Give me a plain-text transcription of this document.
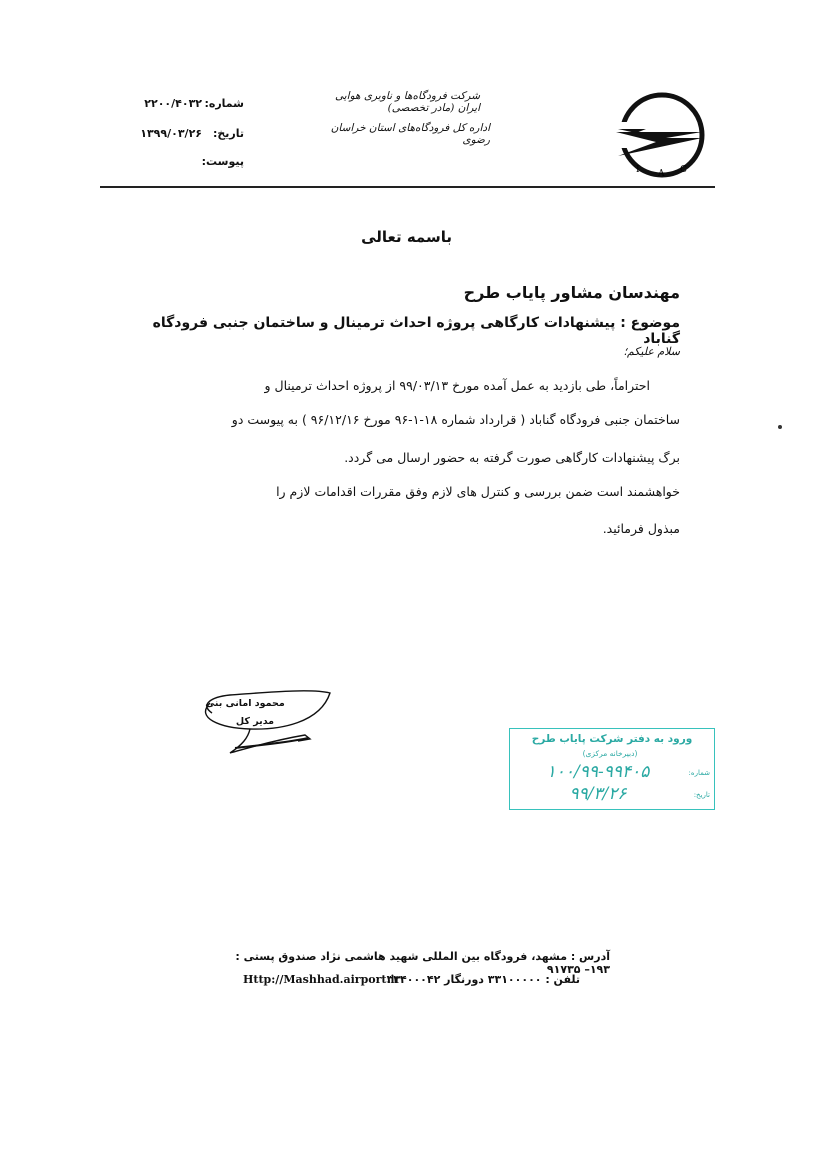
I A C
شرکت فرودگاه‌ها و ناوبری هوایی ایران (مادر تخصصی)
اداره کل فرودگاه‌های استان خراسان رضوی
شماره:
۲۲۰۰/۴۰۳۲
تاریخ:
۱۳۹۹/۰۳/۲۶
پیوست:
باسمه تعالی
مهندسان مشاور پایاب طرح
موضوع : پیشنهادات کارگاهی پروژه احداث ترمینال و ساختمان جنبی فرودگاه گناباد
سلام علیکم؛
احتراماً، طی بازدید به عمل آمده مورخ ۹۹/۰۳/۱۳ از پروژه احداث ترمینال و
ساختمان جنبی فرودگاه گناباد ( قرارداد شماره ۱۸-۱-۹۶ مورخ ۹۶/۱۲/۱۶ ) به پیوست دو
برگ پیشنهادات کارگاهی صورت گرفته به حضور ارسال می گردد.
خواهشمند است ضمن بررسی و کنترل های لازم وفق مقررات اقدامات لازم را
مبذول فرمائید.
محمود امانی بنی
مدیر کل
ورود به دفتر شرکت پایاب طرح
(دبیرخانه مرکزی)
شماره:
۱۰۰/۹۹-۹۹۴۰۵
تاریخ:
۹۹/۳/۲۶
آدرس : مشهد، فرودگاه بین المللی شهید هاشمی نژاد صندوق پستی : ۱۹۳– ۹۱۷۳۵
تلفن : ۳۳۱۰۰۰۰۰ دورنگار ۳۳۴۰۰۰۴۲
Http://Mashhad.airport.ir
